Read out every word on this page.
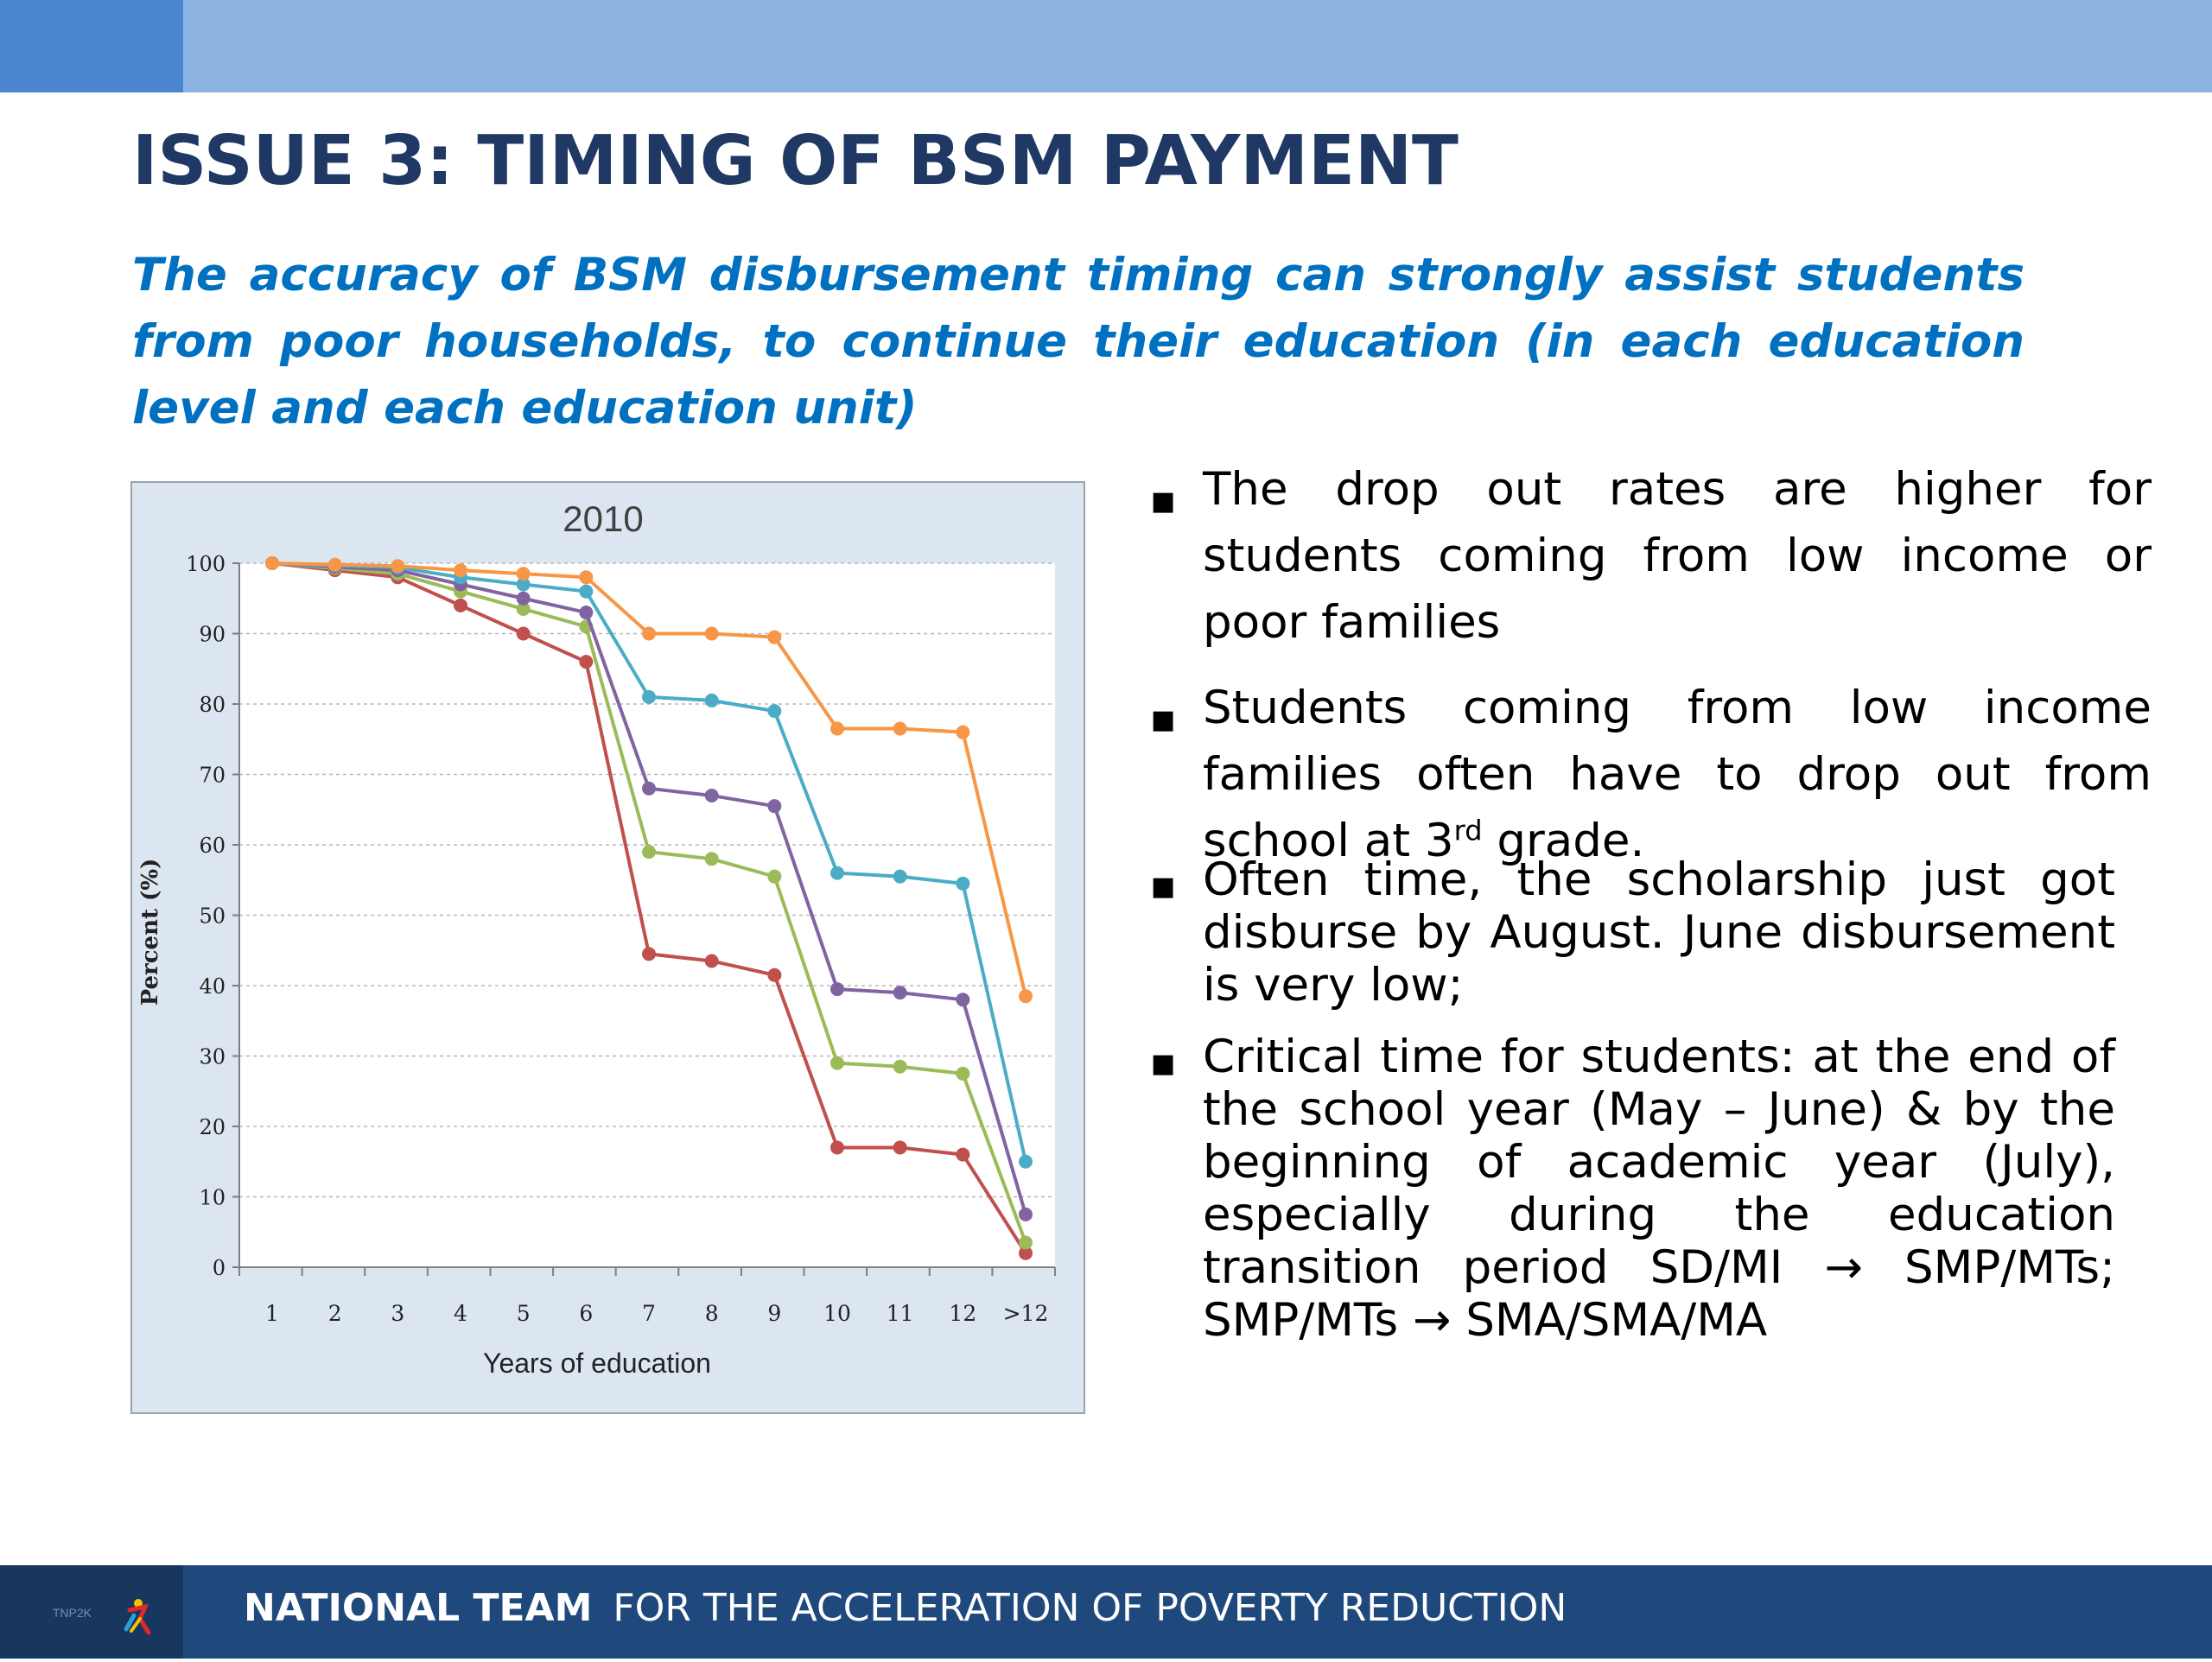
ISSUE 3: TIMING OF BSM PAYMENT

The accuracy of BSM disbursement timing can strongly assist students from poor households, to continue their education (in each education level and each education unit)

0
10
20
30
40
50
60
70
80
90
100
1 2 3 4 5 6 7 8 9 10 11 12 >12
2010
Years of education
Percent (%)
■ The drop out rates are higher for students coming from low income or poor families
■ Students coming from low income families often have to drop out from school at 3rd grade.
■ Often time, the scholarship just got disburse by August. June disbursement is very low;
■ Critical time for students: at the end of the school year (May – June) & by the beginning of academic year (July), especially during the education transition period SD/MI → SMP/MTs; SMP/MTs → SMA/SMA/MA
TNP2K	NATIONAL TEAM FOR THE ACCELERATION OF POVERTY REDUCTION
